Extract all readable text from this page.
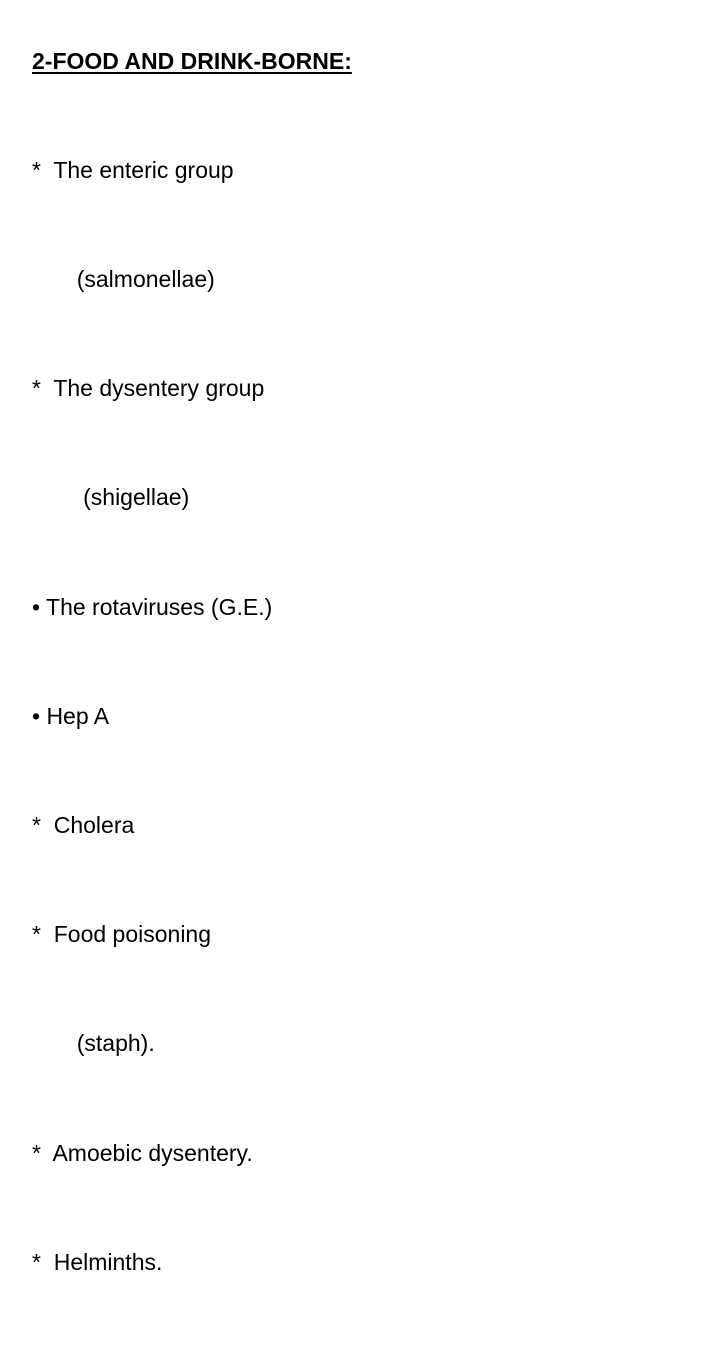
2-FOOD AND DRINK-BORNE:

*  The enteric group

(salmonellae)

*  The dysentery group

(shigellae)

• The rotaviruses (G.E.)

• Hep A

*  Cholera

*  Food poisoning

(staph).

*  Amoebic dysentery.

*  Helminths.
